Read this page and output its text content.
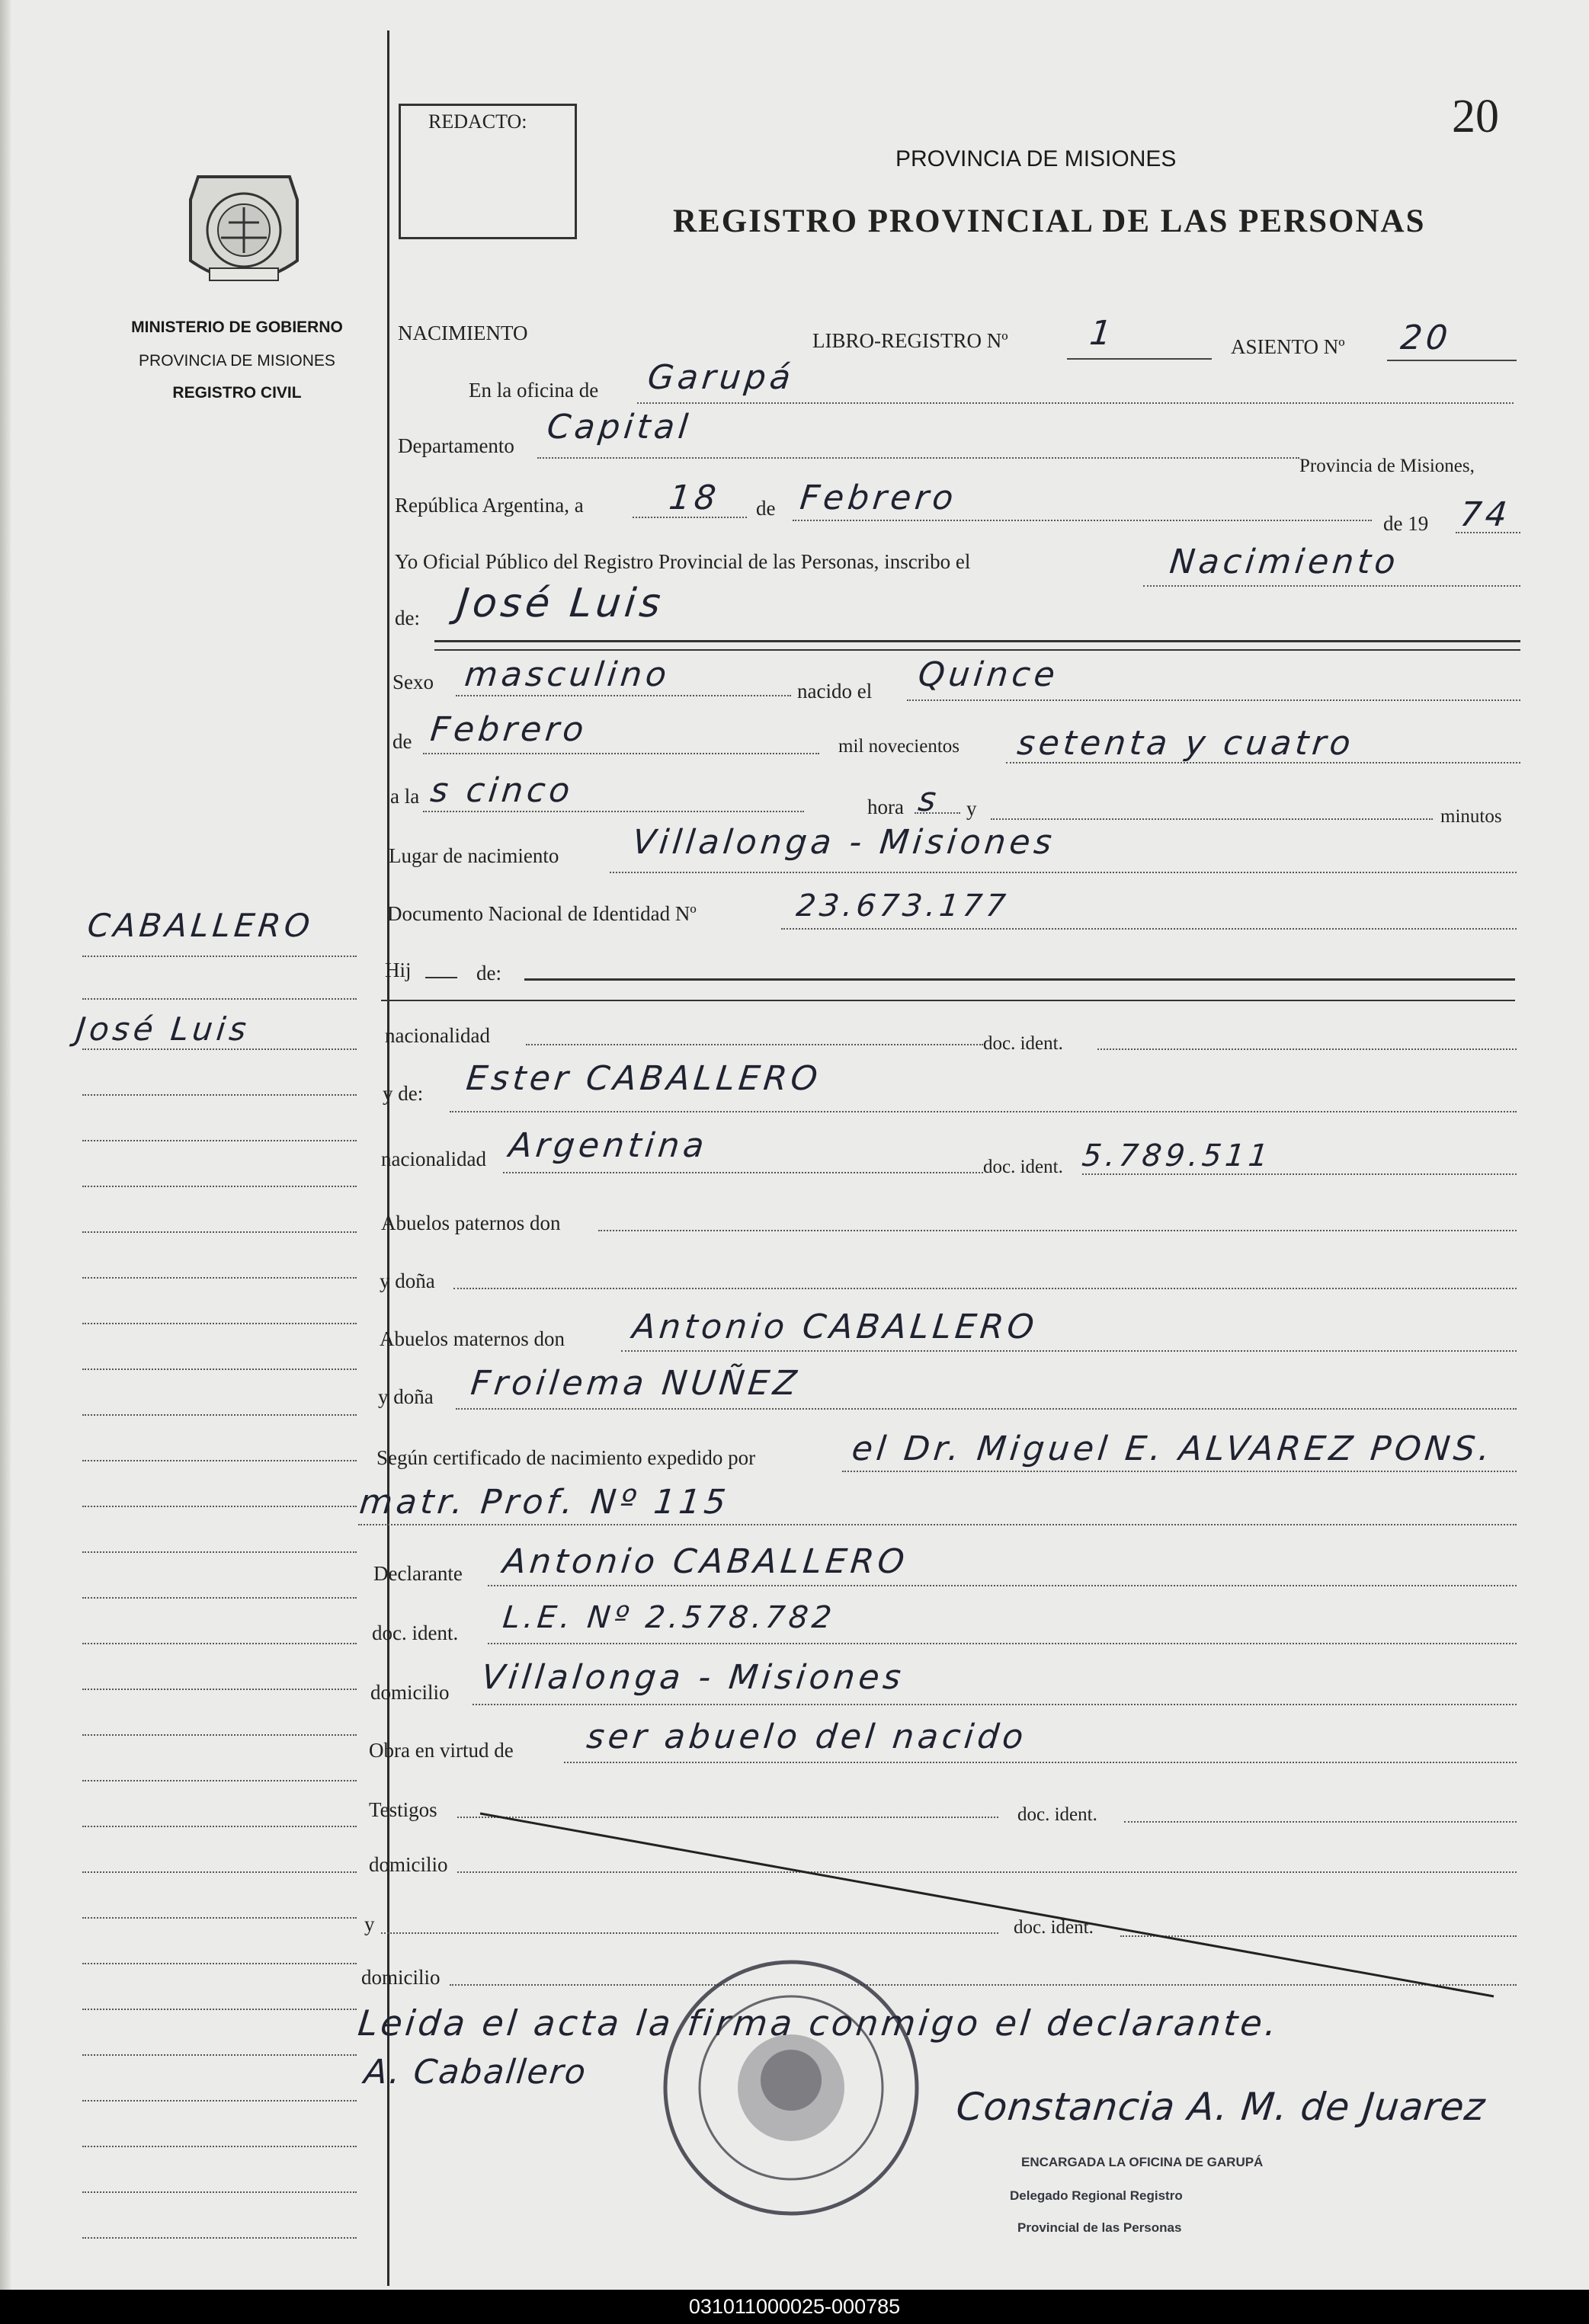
MINISTERIO DE GOBIERNO
PROVINCIA DE MISIONES
REGISTRO CIVIL
CABALLERO
José Luis
REDACTO:	20
PROVINCIA DE MISIONES
REGISTRO PROVINCIAL DE LAS PERSONAS
NACIMIENTO	LIBRO-REGISTRO Nº 1	ASIENTO Nº 20
En la oficina de Garupá
Departamento Capital
Provincia de Misiones,
República Argentina, a 18 de Febrero
de 19 74
Yo Oficial Público del Registro Provincial de las Personas, inscribo el	Nacimiento
de: José Luis
Sexo masculino	nacido el Quince
de Febrero	mil novecientos setenta y cuatro
a la s cinco	hora s y	minutos
Lugar de nacimiento Villalonga - Misiones
Documento Nacional de Identidad Nº	23.673.177
Hij	de:
nacionalidad	doc. ident.
y de: Ester CABALLERO
nacionalidad Argentina
doc. ident. 5.789.511
Abuelos paternos don
y doña
Abuelos maternos don Antonio CABALLERO
y doña Froilema NUÑEZ
Según certificado de nacimiento expedido por	el Dr. Miguel E. ALVAREZ PONS.
matr. Prof. Nº 115
Declarante Antonio CABALLERO
doc. ident. L.E. Nº 2.578.782
domicilio Villalonga - Misiones
Obra en virtud de ser abuelo del nacido
Testigos	doc. ident.
domicilio
y	doc. ident.
domicilio
Leida el acta la firma conmigo el declarante.
A. Caballero
Constancia A. M. de Juarez
ENCARGADA LA OFICINA DE GARUPÁ
Delegado Regional Registro
Provincial de las Personas
031011000025-000785
